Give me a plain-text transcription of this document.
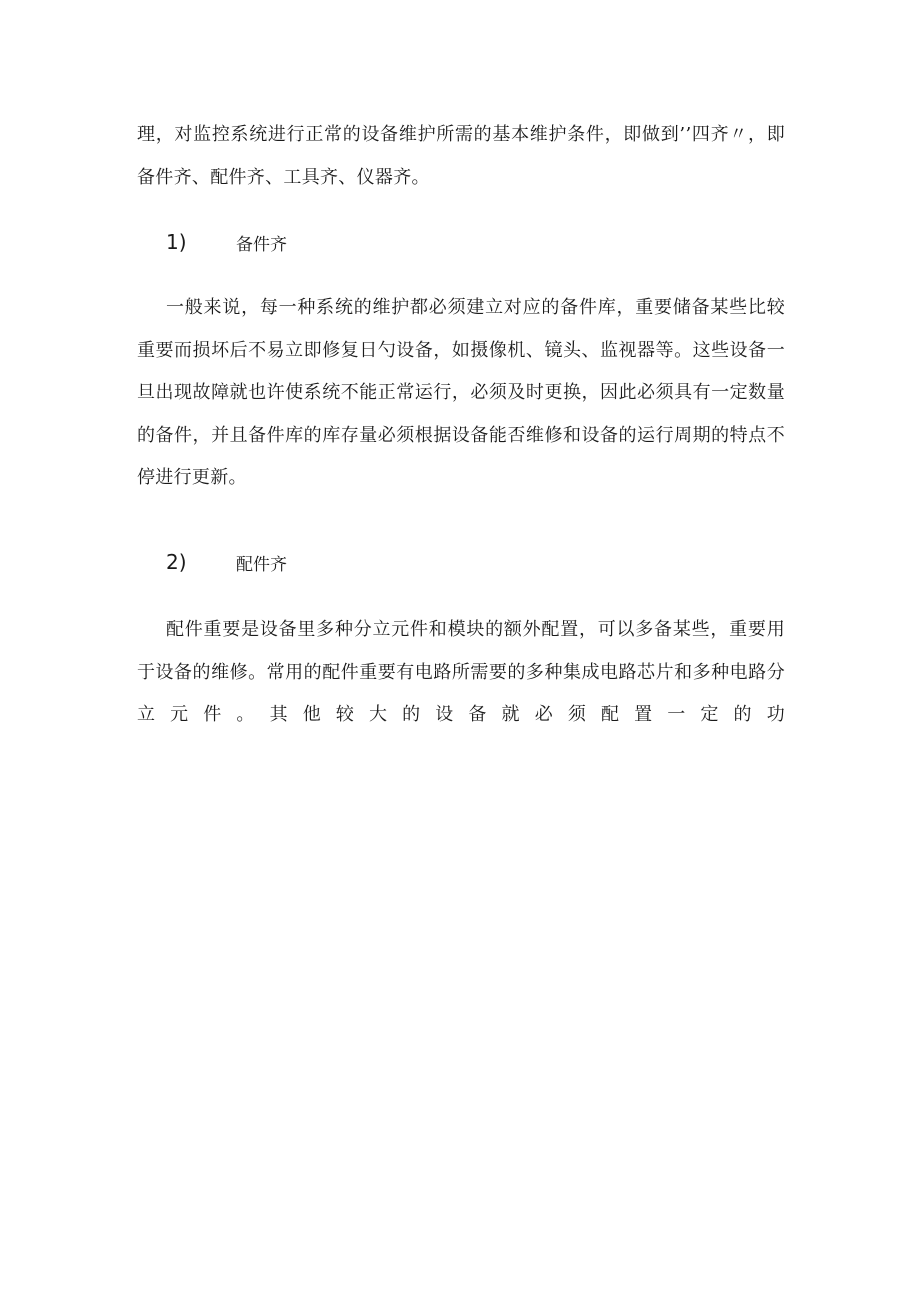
理，对监控系统进行正常的设备维护所需的基本维护条件，即做到’’四齐〃，即
备件齐、配件齐、工具齐、仪器齐。

1)	备件齐

一般来说，每一种系统的维护都必须建立对应的备件库，重要储备某些比较重要而损坏后不易立即修复日勺设备，如摄像机、镜头、监视器等。这些设备一旦出现故障就也许使系统不能正常运行，必须及时更换，因此必须具有一定数量的备件，并且备件库的库存量必须根据设备能否维修和设备的运行周期的特点不停进行更新。

2)	配件齐

配件重要是设备里多种分立元件和模块的额外配置，可以多备某些，重要用于设备的维修。常用的配件重要有电路所需要的多种集成电路芯片和多种电路分
立元件。其他较大的设备就必须配置一定的功
